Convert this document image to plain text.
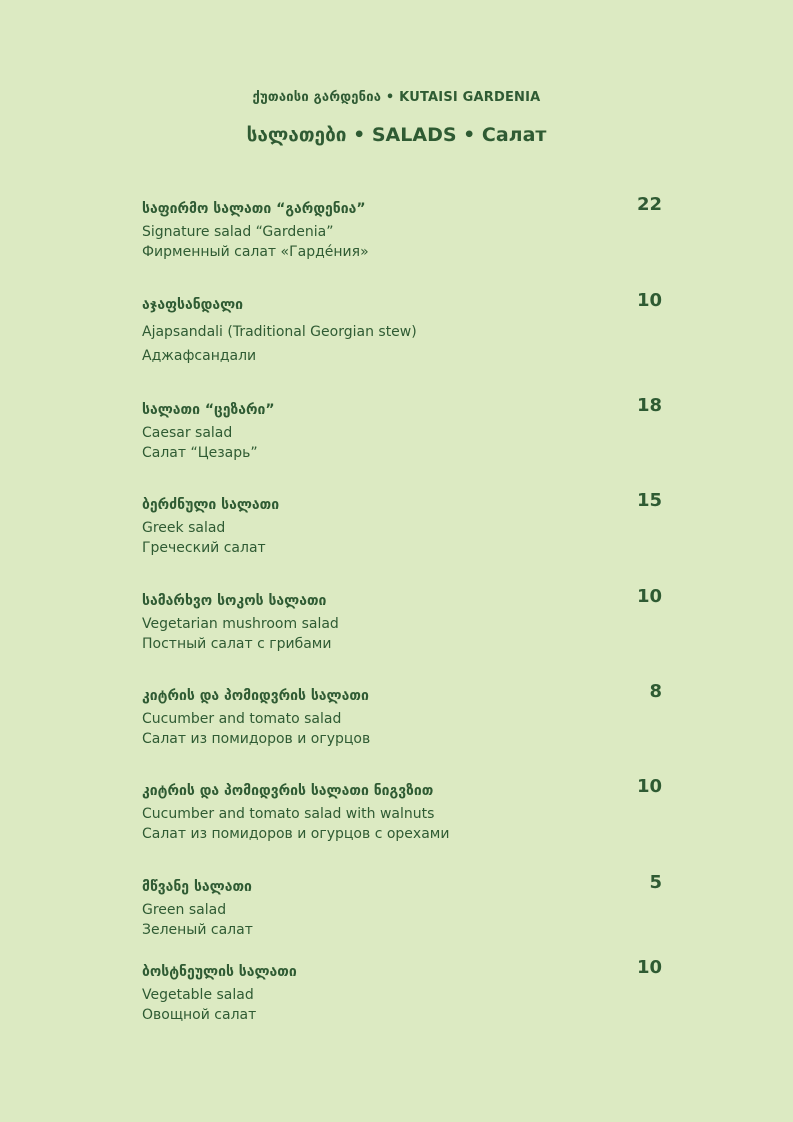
ქუთაისი გარდენია • KUTAISI GARDENIA
სალათები • SALADS • Салат
საფირმო სალათი “გარდენია”
Signature salad “Gardenia”
Фирменный салат «Гардéния»
22
აჯაფსანდალი
Ajapsandali (Traditional Georgian stew)
Аджафсандали
10
სალათი “ცეზარი”
Caesar salad
Салат “Цезарь”
18
ბერძნული სალათი
Greek salad
Греческий салат
15
სამარხვო სოკოს სალათი
Vegetarian mushroom salad
Постный салат с грибами
10
კიტრის და პომიდვრის სალათი
Cucumber and tomato salad
Салат из помидоров и огурцов
8
კიტრის და პომიდვრის სალათი ნიგვზით
Cucumber and tomato salad with walnuts
Салат из помидоров и огурцов с орехами
10
მწვანე სალათი
Green salad
Зеленый салат
5
ბოსტნეულის სალათი
Vegetable salad
Овощной салат
10
